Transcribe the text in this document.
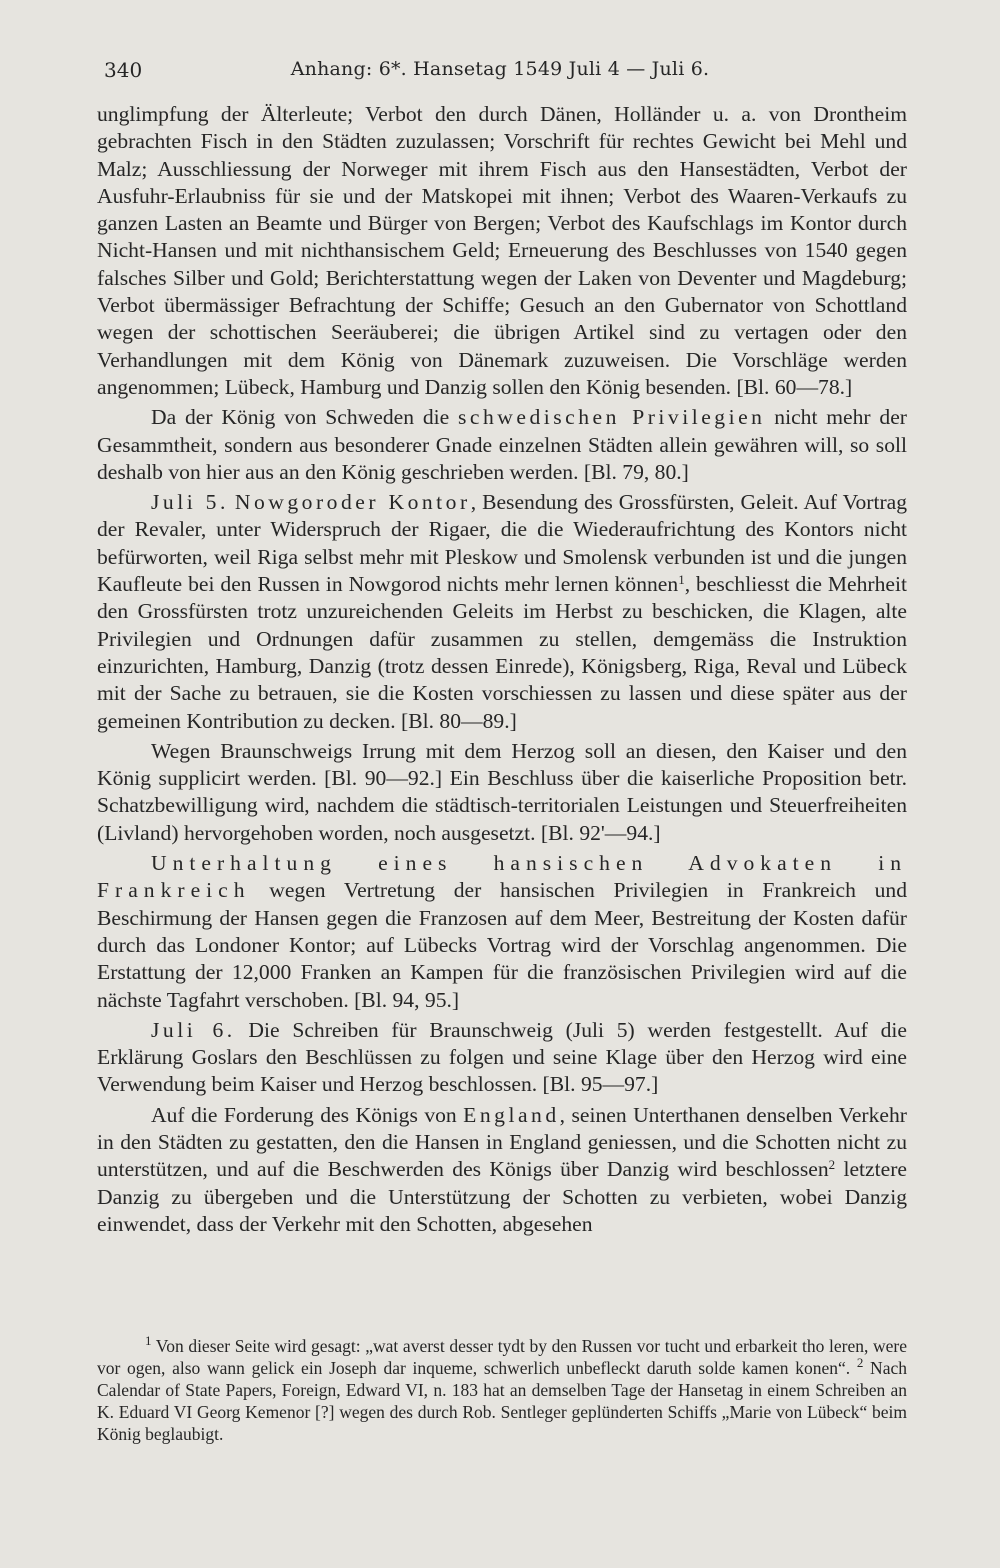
340	Anhang: 6*. Hansetag 1549 Juli 4 — Juli 6.

unglimpfung der Älterleute; Verbot den durch Dänen, Holländer u. a. von Drontheim gebrachten Fisch in den Städten zuzulassen; Vorschrift für rechtes Gewicht bei Mehl und Malz; Ausschliessung der Norweger mit ihrem Fisch aus den Hansestädten, Verbot der Ausfuhr-Erlaubniss für sie und der Matskopei mit ihnen; Verbot des Waaren-Verkaufs zu ganzen Lasten an Beamte und Bürger von Bergen; Verbot des Kaufschlags im Kontor durch Nicht-Hansen und mit nichthansischem Geld; Erneuerung des Beschlusses von 1540 gegen falsches Silber und Gold; Berichterstattung wegen der Laken von Deventer und Magdeburg; Verbot übermässiger Befrachtung der Schiffe; Gesuch an den Gubernator von Schottland wegen der schottischen Seeräuberei; die übrigen Artikel sind zu vertagen oder den Verhandlungen mit dem König von Dänemark zuzuweisen. Die Vorschläge werden angenommen; Lübeck, Hamburg und Danzig sollen den König besenden. [Bl. 60—78.]

Da der König von Schweden die schwedischen Privilegien nicht mehr der Gesammtheit, sondern aus besonderer Gnade einzelnen Städten allein gewähren will, so soll deshalb von hier aus an den König geschrieben werden. [Bl. 79, 80.]

Juli 5. Nowgoroder Kontor, Besendung des Grossfürsten, Geleit. Auf Vortrag der Revaler, unter Widerspruch der Rigaer, die die Wiederaufrichtung des Kontors nicht befürworten, weil Riga selbst mehr mit Pleskow und Smolensk verbunden ist und die jungen Kaufleute bei den Russen in Nowgorod nichts mehr lernen können$^1$, beschliesst die Mehrheit den Grossfürsten trotz unzureichenden Geleits im Herbst zu beschicken, die Klagen, alte Privilegien und Ordnungen dafür zusammen zu stellen, demgemäss die Instruktion einzurichten, Hamburg, Danzig (trotz dessen Einrede), Königsberg, Riga, Reval und Lübeck mit der Sache zu betrauen, sie die Kosten vorschiessen zu lassen und diese später aus der gemeinen Kontribution zu decken. [Bl. 80—89.]

Wegen Braunschweigs Irrung mit dem Herzog soll an diesen, den Kaiser und den König supplicirt werden. [Bl. 90—92.] Ein Beschluss über die kaiserliche Proposition betr. Schatzbewilligung wird, nachdem die städtisch-territorialen Leistungen und Steuerfreiheiten (Livland) hervorgehoben worden, noch ausgesetzt. [Bl. 92'—94.]

Unterhaltung eines hansischen Advokaten in Frankreich wegen Vertretung der hansischen Privilegien in Frankreich und Beschirmung der Hansen gegen die Franzosen auf dem Meer, Bestreitung der Kosten dafür durch das Londoner Kontor; auf Lübecks Vortrag wird der Vorschlag angenommen. Die Erstattung der 12,000 Franken an Kampen für die französischen Privilegien wird auf die nächste Tagfahrt verschoben. [Bl. 94, 95.]

Juli 6. Die Schreiben für Braunschweig (Juli 5) werden festgestellt. Auf die Erklärung Goslars den Beschlüssen zu folgen und seine Klage über den Herzog wird eine Verwendung beim Kaiser und Herzog beschlossen. [Bl. 95—97.]

Auf die Forderung des Königs von England, seinen Unterthanen denselben Verkehr in den Städten zu gestatten, den die Hansen in England geniessen, und die Schotten nicht zu unterstützen, und auf die Beschwerden des Königs über Danzig wird beschlossen$^2$ letztere Danzig zu übergeben und die Unterstützung der Schotten zu verbieten, wobei Danzig einwendet, dass der Verkehr mit den Schotten, abgesehen

$^1$ Von dieser Seite wird gesagt: „wat averst desser tydt by den Russen vor tucht und erbarkeit tho leren, were vor ogen, also wann gelick ein Joseph dar inqueme, schwerlich unbefleckt daruth solde kamen konen“. $^2$ Nach Calendar of State Papers, Foreign, Edward VI, n. 183 hat an demselben Tage der Hansetag in einem Schreiben an K. Eduard VI Georg Kemenor [?] wegen des durch Rob. Sentleger geplünderten Schiffs „Marie von Lübeck“ beim König beglaubigt.
